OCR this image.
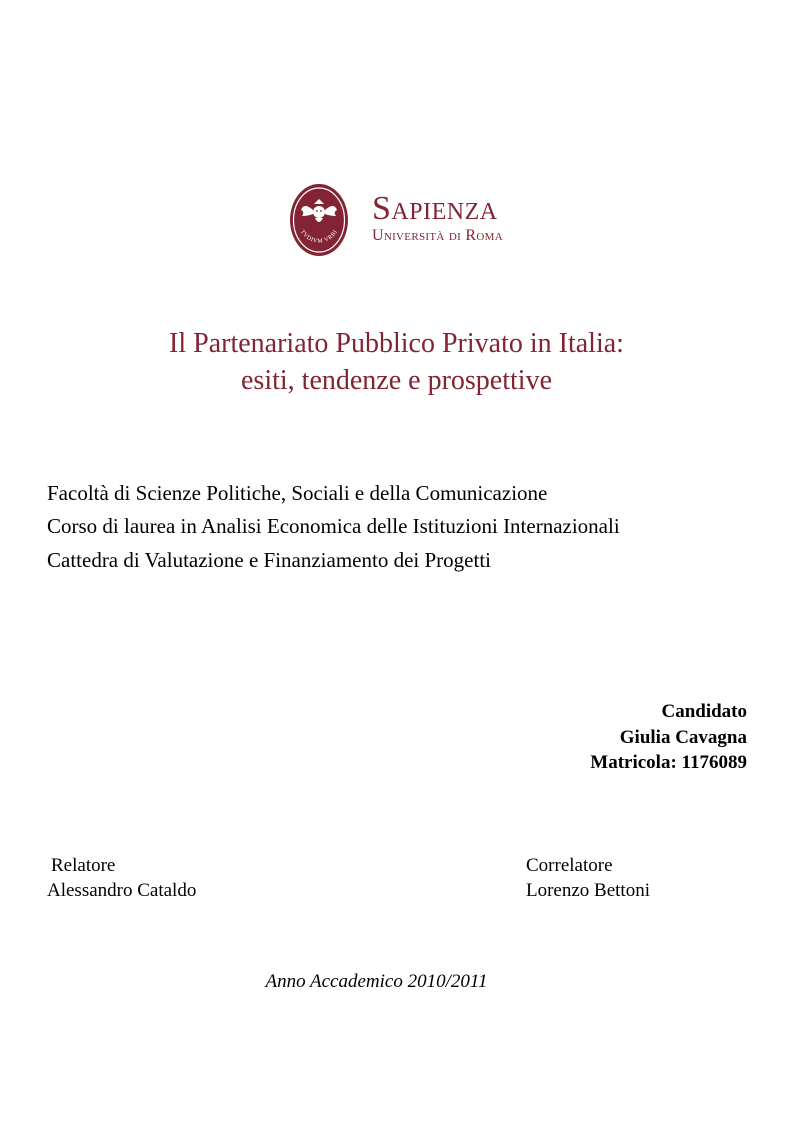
TVDIVM VRBI
Sapienza
Università di Roma
Il Partenariato Pubblico Privato in Italia:
esiti, tendenze e prospettive
Facoltà di Scienze Politiche, Sociali e della Comunicazione
Corso di laurea in Analisi Economica delle Istituzioni Internazionali
Cattedra di Valutazione e Finanziamento dei Progetti
Candidato
Giulia Cavagna
Matricola: 1176089
Relatore
Alessandro Cataldo
Correlatore
Lorenzo Bettoni
Anno Accademico 2010/2011
